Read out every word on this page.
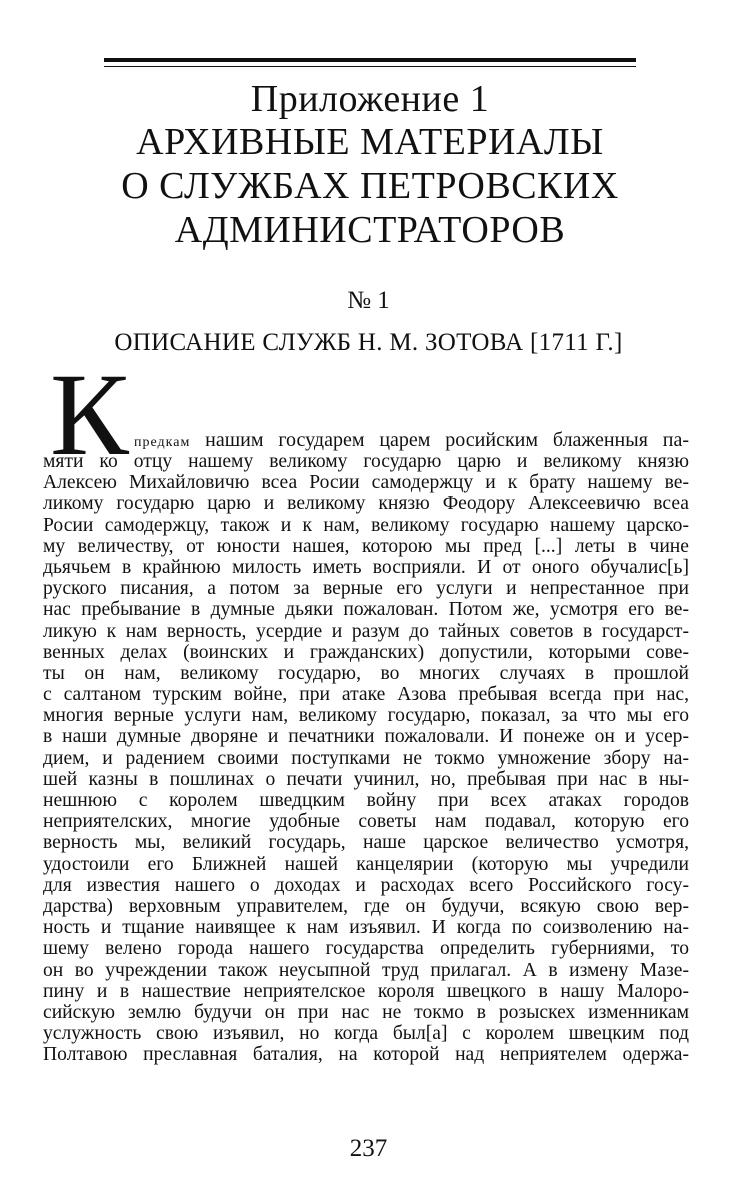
Приложение 1
АРХИВНЫЕ МАТЕРИАЛЫ
О СЛУЖБАХ ПЕТРОВСКИХ
АДМИНИСТРАТОРОВ
№ 1
ОПИСАНИЕ СЛУЖБ Н. М. ЗОТОВА [1711 Г.]
К предкам нашим государем царем росийским блаженныя па-
мяти ко отцу нашему великому государю царю и великому князю
Алексею Михайловичю всеа Росии самодержцу и к брату нашему ве-
ликому государю царю и великому князю Феодору Алексеевичю всеа
Росии самодержцу, також и к нам, великому государю нашему царско-
му величеству, от юности нашея, которою мы пред [...] леты в чине
дьячьем в крайнюю милость иметь восприяли. И от оного обучалис[ь]
руского писания, а потом за верные его услуги и непрестанное при
нас пребывание в думные дьяки пожалован. Потом же, усмотря его ве-
ликую к нам верность, усердие и разум до тайных советов в государст-
венных делах (воинских и гражданских) допустили, которыми сове-
ты он нам, великому государю, во многих случаях в прошлой
с салтаном турским войне, при атаке Азова пребывая всегда при нас,
многия верные услуги нам, великому государю, показал, за что мы его
в наши думные дворяне и печатники пожаловали. И понеже он и усер-
дием, и радением своими поступками не токмо умножение збору на-
шей казны в пошлинах о печати учинил, но, пребывая при нас в ны-
нешнюю с королем шведцким войну при всех атаках городов
неприятелских, многие удобные советы нам подавал, которую его
верность мы, великий государь, наше царское величество усмотря,
удостоили его Ближней нашей канцелярии (которую мы учредили
для известия нашего о доходах и расходах всего Российского госу-
дарства) верховным управителем, где он будучи, всякую свою вер-
ность и тщание наивящее к нам изъявил. И когда по соизволению на-
шему велено города нашего государства определить губерниями, то
он во учреждении також неусыпной труд прилагал. А в измену Мазе-
пину и в нашествие неприятелское короля швецкого в нашу Малоро-
сийскую землю будучи он при нас не токмо в розыскех изменникам
услужность свою изъявил, но когда был[а] с королем швецким под
Полтавою преславная баталия, на которой над неприятелем одержа-
237
